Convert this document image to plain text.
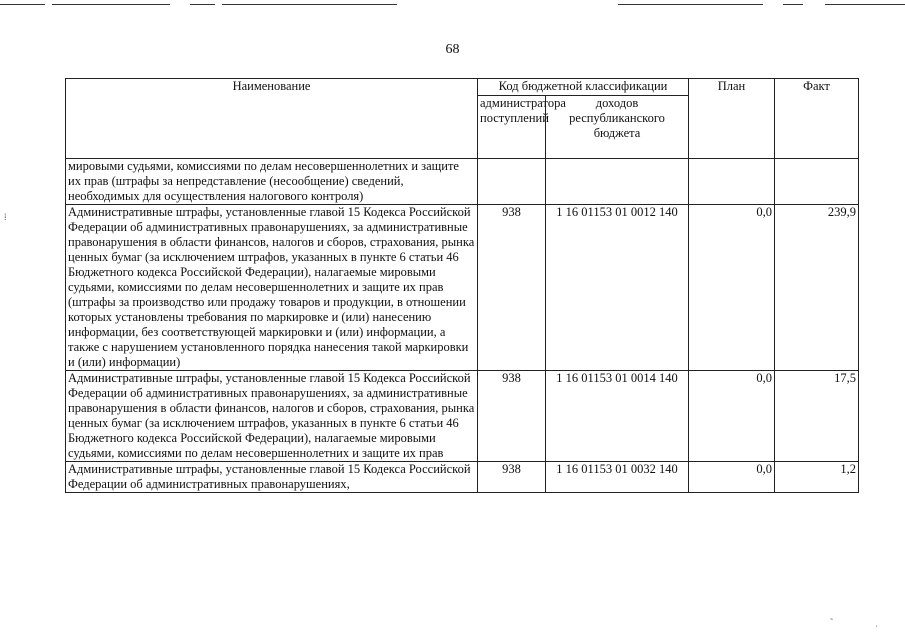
68
Наименование	Код бюджетной классификации		План	Факт
	администратора поступлений	доходов республиканского бюджета		
мировыми судьями, комиссиями по делам несовершеннолетних и защите их прав (штрафы за непредставление (несообщение) сведений, необходимых для осуществления налогового контроля)				
Административные штрафы, установленные главой 15 Кодекса Российской Федерации об административных правонарушениях, за административные правонарушения в области финансов, налогов и сборов, страхования, рынка ценных бумаг (за исключением штрафов, указанных в пункте 6 статьи 46 Бюджетного кодекса Российской Федерации), налагаемые мировыми судьями, комиссиями по делам несовершеннолетних и защите их прав (штрафы за производство или продажу товаров и продукции, в отношении которых установлены требования по маркировке и (или) нанесению информации, без соответствующей маркировки и (или) информации, а также с нарушением установленного порядка нанесения такой маркировки и (или) информации)	938	1 16 01153 01 0012 140	0,0	239,9
Административные штрафы, установленные главой 15 Кодекса Российской Федерации об административных правонарушениях, за административные правонарушения в области финансов, налогов и сборов, страхования, рынка ценных бумаг (за исключением штрафов, указанных в пункте 6 статьи 46 Бюджетного кодекса Российской Федерации), налагаемые мировыми судьями, комиссиями по делам несовершеннолетних и защите их прав	938	1 16 01153 01 0014 140	0,0	17,5
Административные штрафы, установленные главой 15 Кодекса Российской Федерации об административных правонарушениях,	938	1 16 01153 01 0032 140	0,0	1,2
⁞
˜	ˌ
